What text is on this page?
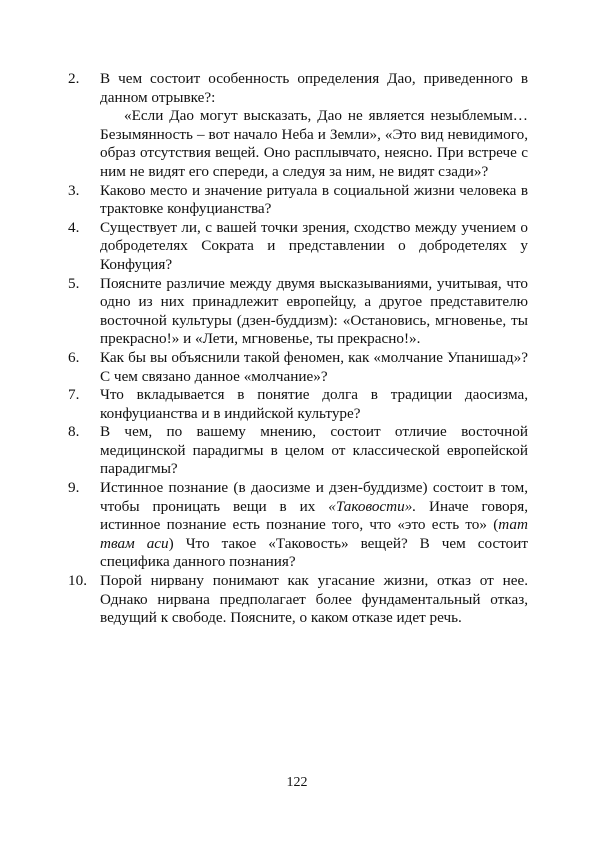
2.	В чем состоит особенность определения Дао, приведенного в данном отрывке?:

«Если Дао могут высказать, Дао не является незыблемым… Безымянность – вот начало Неба и Земли», «Это вид невидимого, образ отсутствия вещей. Оно расплывчато, неясно. При встрече с ним не видят его спереди, а следуя за ним, не видят сзади»?

3.	Каково место и значение ритуала в социальной жизни человека в трактовке конфуцианства?
4.	Существует ли, с вашей точки зрения, сходство между учением о добродетелях Сократа и представлении о добродетелях у Конфуция?
5.	Поясните различие между двумя высказываниями, учитывая, что одно из них принадлежит европейцу, а другое представителю восточной культуры (дзен-буддизм): «Остановись, мгновенье, ты прекрасно!» и «Лети, мгновенье, ты прекрасно!».
6.	Как бы вы объяснили такой феномен, как «молчание Упанишад»? С чем связано данное «молчание»?
7.	Что вкладывается в понятие долга в традиции даосизма, конфуцианства и в индийской культуре?
8.	В чем, по вашему мнению, состоит отличие восточной медицинской парадигмы в целом от классической европейской парадигмы?
9.	Истинное познание (в даосизме и дзен-буддизме) состоит в том, чтобы проницать вещи в их «Таковости». Иначе говоря, истинное познание есть познание того, что «это есть то» (тат твам аси) Что такое «Таковость» вещей? В чем состоит специфика данного познания?
10. Порой нирвану понимают как угасание жизни, отказ от нее. Однако нирвана предполагает более фундаментальный отказ, ведущий к свободе. Поясните, о каком отказе идет речь.
122
